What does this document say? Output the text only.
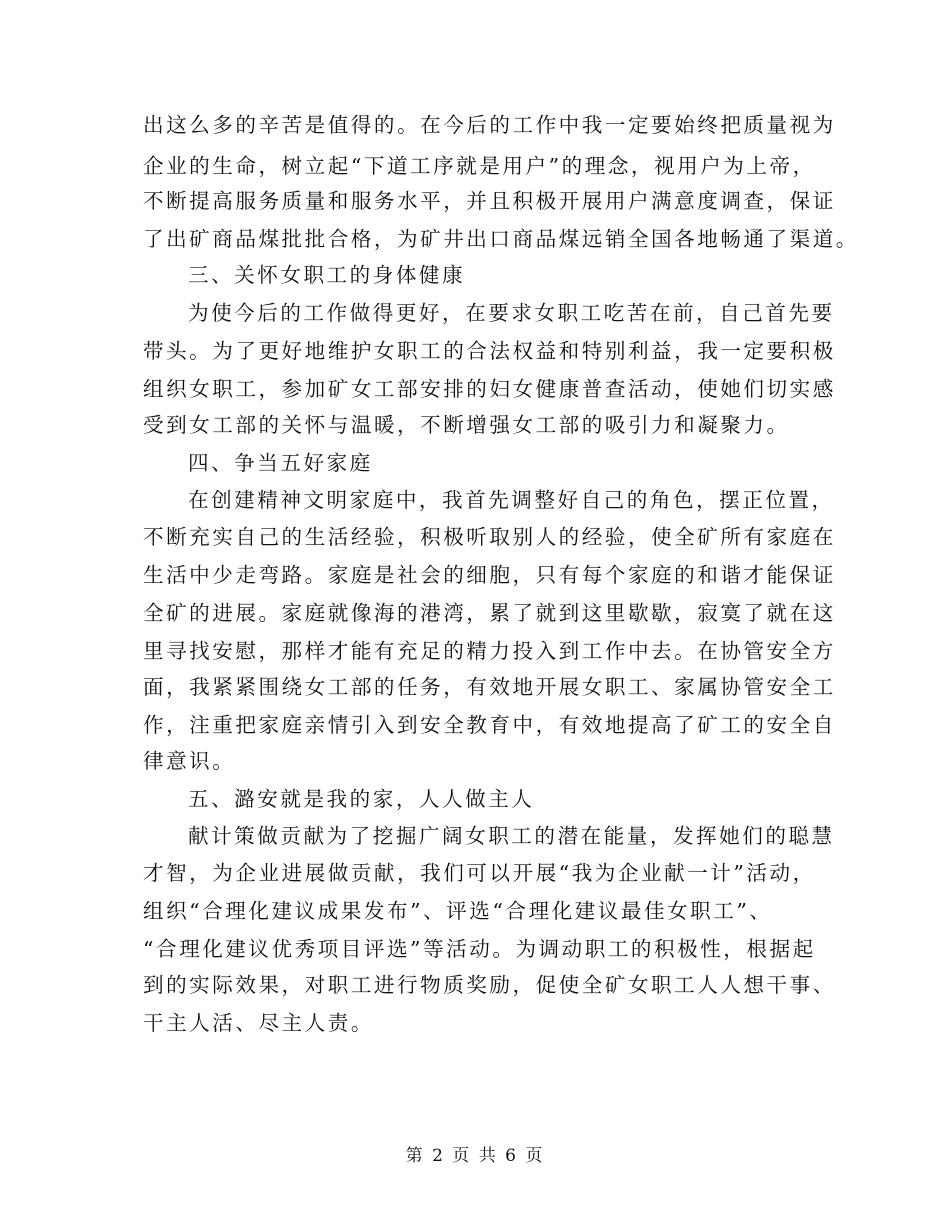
出这么多的辛苦是值得的。在今后的工作中我一定要始终把质量视为
企业的生命，树立起“下道工序就是用户”的理念，视用户为上帝，
不断提高服务质量和服务水平，并且积极开展用户满意度调查，保证
了出矿商品煤批批合格，为矿井出口商品煤远销全国各地畅通了渠道。
三、关怀女职工的身体健康
为使今后的工作做得更好，在要求女职工吃苦在前，自己首先要
带头。为了更好地维护女职工的合法权益和特别利益，我一定要积极
组织女职工，参加矿女工部安排的妇女健康普查活动，使她们切实感
受到女工部的关怀与温暖，不断增强女工部的吸引力和凝聚力。
四、争当五好家庭
在创建精神文明家庭中，我首先调整好自己的角色，摆正位置，
不断充实自己的生活经验，积极听取别人的经验，使全矿所有家庭在
生活中少走弯路。家庭是社会的细胞，只有每个家庭的和谐才能保证
全矿的进展。家庭就像海的港湾，累了就到这里歇歇，寂寞了就在这
里寻找安慰，那样才能有充足的精力投入到工作中去。在协管安全方
面，我紧紧围绕女工部的任务，有效地开展女职工、家属协管安全工
作，注重把家庭亲情引入到安全教育中，有效地提高了矿工的安全自
律意识。
五、潞安就是我的家，人人做主人
献计策做贡献为了挖掘广阔女职工的潜在能量，发挥她们的聪慧
才智，为企业进展做贡献，我们可以开展“我为企业献一计”活动，
组织“合理化建议成果发布”、评选“合理化建议最佳女职工”、
“合理化建议优秀项目评选”等活动。为调动职工的积极性，根据起
到的实际效果，对职工进行物质奖励，促使全矿女职工人人想干事、
干主人活、尽主人责。
第 2 页 共 6 页
